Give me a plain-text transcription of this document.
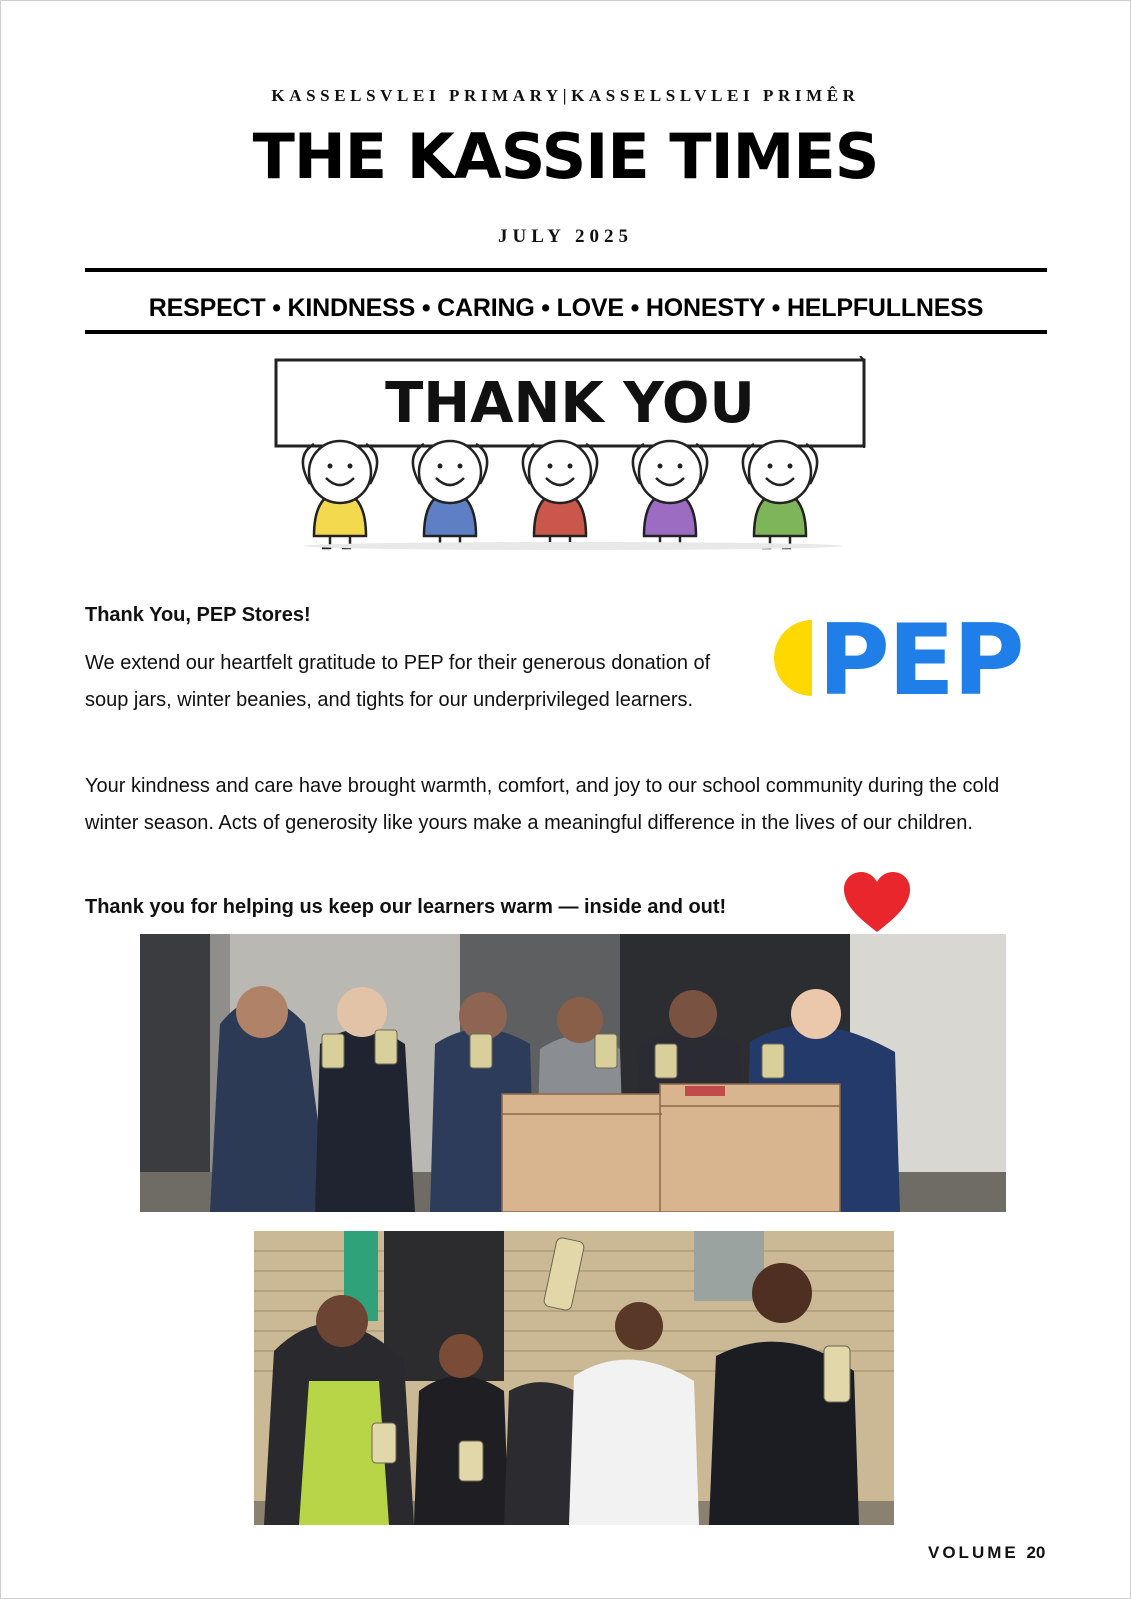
KASSELSVLEI PRIMARY|KASSELSLVLEI PRIMÊR
THE KASSIE TIMES
JULY 2025
RESPECT • KINDNESS • CARING • LOVE • HONESTY • HELPFULLNESS
THANK YOU
Thank You, PEP Stores!

We extend our heartfelt gratitude to PEP for their generous donation of soup jars, winter beanies, and tights for our underprivileged learners.	PEP

Your kindness and care have brought warmth, comfort, and joy to our school community during the cold winter season. Acts of generosity like yours make a meaningful difference in the lives of our children.

Thank you for helping us keep our learners warm — inside and out!
VOLUME 20
